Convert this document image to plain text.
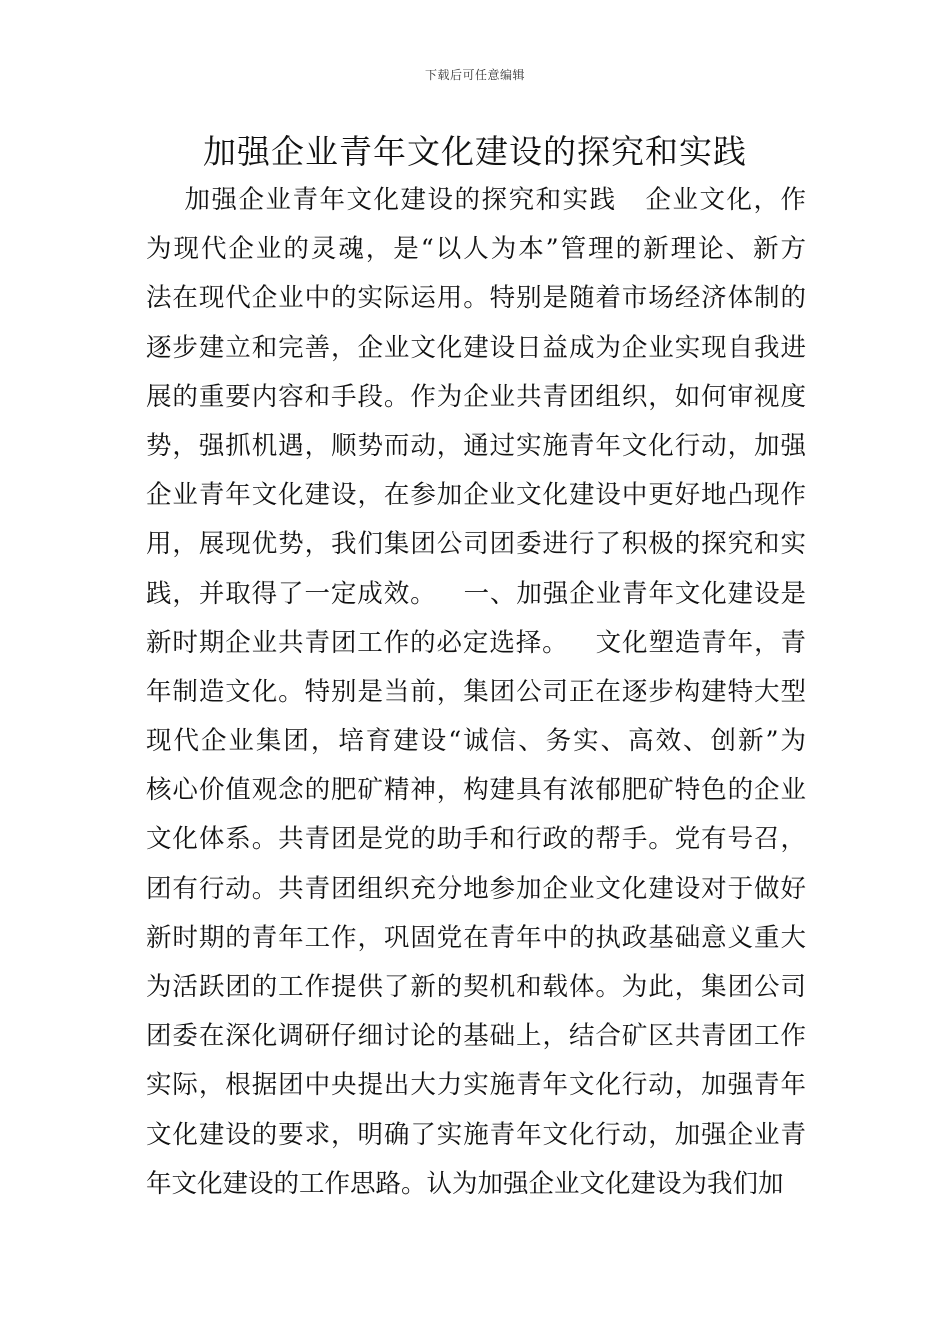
下载后可任意编辑
加强企业青年文化建设的探究和实践
加强企业青年文化建设的探究和实践   企业文化，作
为现代企业的灵魂，是“以人为本”管理的新理论、新方
法在现代企业中的实际运用。特别是随着市场经济体制的
逐步建立和完善，企业文化建设日益成为企业实现自我进
展的重要内容和手段。作为企业共青团组织，如何审视度
势，强抓机遇，顺势而动，通过实施青年文化行动，加强
企业青年文化建设，在参加企业文化建设中更好地凸现作
用，展现优势，我们集团公司团委进行了积极的探究和实
践，并取得了一定成效。   一、加强企业青年文化建设是
新时期企业共青团工作的必定选择。   文化塑造青年，青
年制造文化。特别是当前，集团公司正在逐步构建特大型
现代企业集团，培育建设“诚信、务实、高效、创新”为
核心价值观念的肥矿精神，构建具有浓郁肥矿特色的企业
文化体系。共青团是党的助手和行政的帮手。党有号召，
团有行动。共青团组织充分地参加企业文化建设对于做好
新时期的青年工作，巩固党在青年中的执政基础意义重大
为活跃团的工作提供了新的契机和载体。为此，集团公司
团委在深化调研仔细讨论的基础上，结合矿区共青团工作
实际，根据团中央提出大力实施青年文化行动，加强青年
文化建设的要求，明确了实施青年文化行动，加强企业青
年文化建设的工作思路。认为加强企业文化建设为我们加
